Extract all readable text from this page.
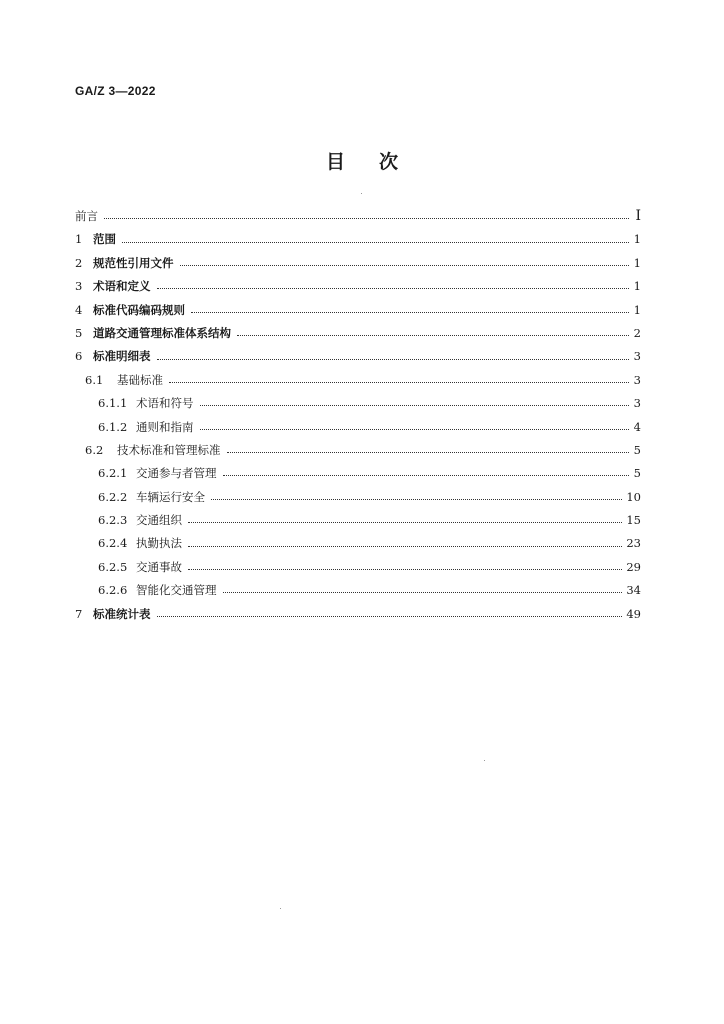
GA/Z 3—2022
目 次
前言	Ⅰ
1 范围	1
2 规范性引用文件	1
3 术语和定义	1
4 标准代码编码规则	1
5 道路交通管理标准体系结构	2
6 标准明细表	3
6.1	基础标准	3
6.1.1 术语和符号	3
6.1.2 通则和指南	4
6.2	技术标准和管理标准	5
6.2.1 交通参与者管理	5
6.2.2 车辆运行安全	10
6.2.3 交通组织	15
6.2.4 执勤执法	23
6.2.5 交通事故	29
6.2.6 智能化交通管理	34
7 标准统计表	49
